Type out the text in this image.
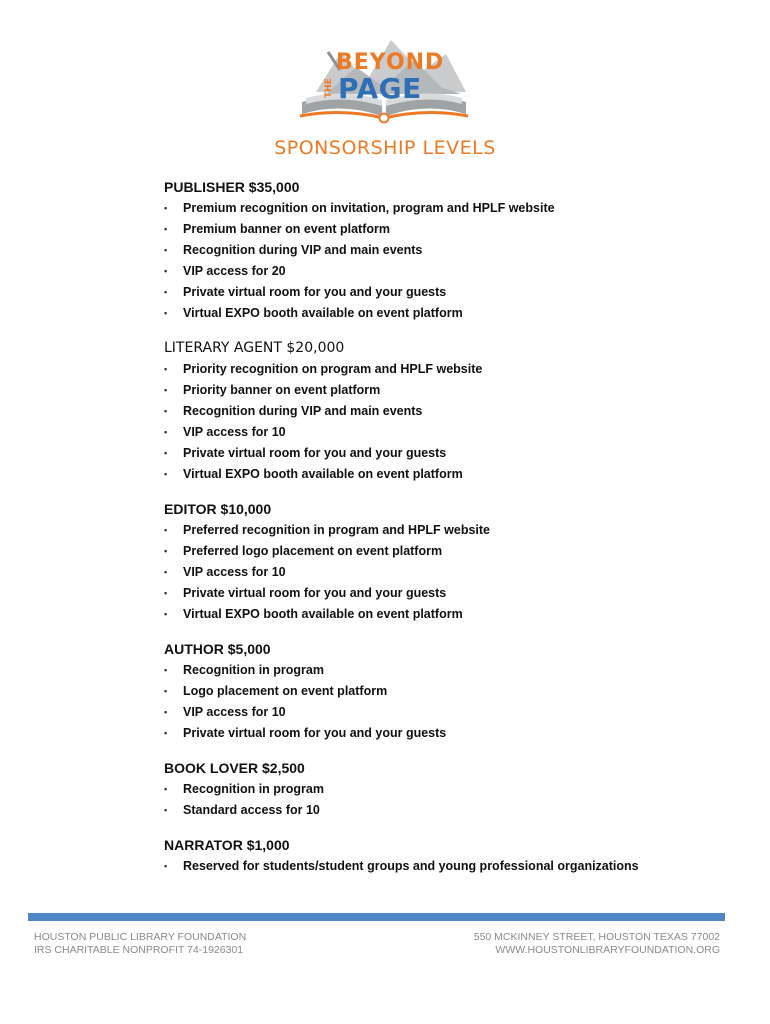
BEYOND
THE PAGE
SPONSORSHIP LEVELS
PUBLISHER $35,000
• Premium recognition on invitation, program and HPLF website
• Premium banner on event platform
• Recognition during VIP and main events
• VIP access for 20
• Private virtual room for you and your guests
• Virtual EXPO booth available on event platform
LITERARY AGENT $20,000
• Priority recognition on program and HPLF website
• Priority banner on event platform
• Recognition during VIP and main events
• VIP access for 10
• Private virtual room for you and your guests
• Virtual EXPO booth available on event platform
EDITOR $10,000
• Preferred recognition in program and HPLF website
• Preferred logo placement on event platform
• VIP access for 10
• Private virtual room for you and your guests
• Virtual EXPO booth available on event platform
AUTHOR $5,000
• Recognition in program
• Logo placement on event platform
• VIP access for 10
• Private virtual room for you and your guests
BOOK LOVER $2,500
• Recognition in program
• Standard access for 10
NARRATOR $1,000
• Reserved for students/student groups and young professional organizations
HOUSTON PUBLIC LIBRARY FOUNDATION
IRS CHARITABLE NONPROFIT 74-1926301
550 MCKINNEY STREET, HOUSTON TEXAS 77002
WWW.HOUSTONLIBRARYFOUNDATION.ORG
